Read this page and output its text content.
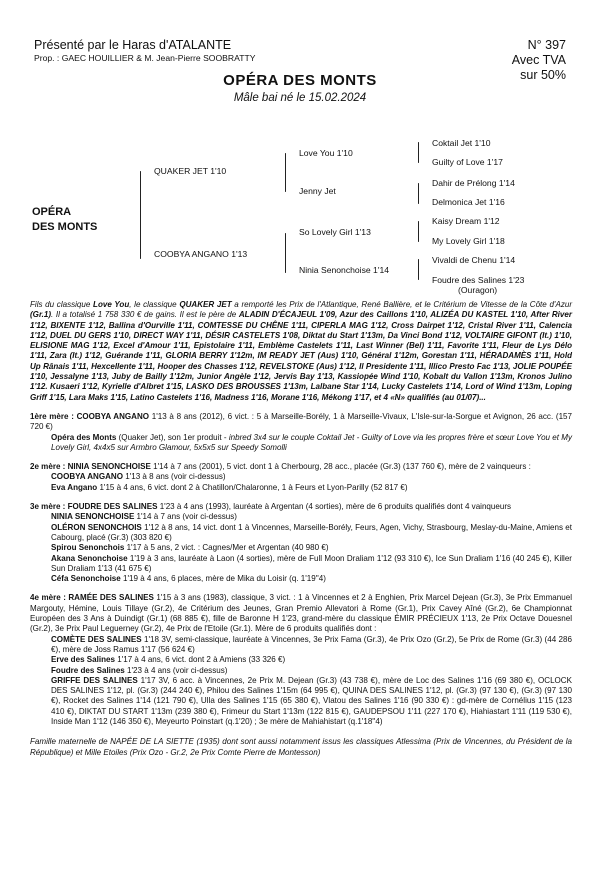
Présenté par le Haras d'ATALANTE
Prop. : GAEC HOUILLIER & M. Jean-Pierre SOOBRATTY
N° 397
Avec TVA
sur 50%
OPÉRA DES MONTS
Mâle bai né le 15.02.2024
OPÉRA
DES MONTS
QUAKER JET 1'10
COOBYA ANGANO 1'13
Love You 1'10
Jenny Jet
So Lovely Girl 1'13
Ninia Senonchoise 1'14
Coktail Jet 1'10
Guilty of Love 1'17
Dahir de Prélong 1'14
Delmonica Jet 1'16
Kaisy Dream 1'12
My Lovely Girl 1'18
Vivaldi de Chenu 1'14
Foudre des Salines 1'23
(Ouragon)
Fils du classique Love You, le classique QUAKER JET a remporté les Prix de l'Atlantique, René Ballière, et le Critérium de Vitesse de la Côte d'Azur (Gr.1). Il a totalisé 1 758 330 € de gains. Il est le père de ALADIN D'ÉCAJEUL 1'09, Azur des Caillons 1'10, ALIZÉA DU KASTEL 1'10, After River 1'12, BIXENTE 1'12, Ballina d'Ourville 1'11, COMTESSE DU CHÊNE 1'11, CIPERLA MAG 1'12, Cross Dairpet 1'12, Cristal River 1'11, Calencia 1'12, DUEL DU GERS 1'10, DIRECT WAY 1'11, DÉSIR CASTELETS 1'08, Diktat du Start 1'13m, Da Vinci Bond 1'12, VOLTAIRE GIFONT (It.) 1'10, ELISIONE MAG 1'12, Excel d'Amour 1'11, Epistolaire 1'11, Emblème Castelets 1'11, Last Winner (Bel) 1'11, Favorite 1'11, Fleur de Lys Délo 1'11, Zara (It.) 1'12, Guérande 1'11, GLORIA BERRY 1'12m, IM READY JET (Aus) 1'10, Général 1'12m, Gorestan 1'11, HÉRADAMÈS 1'11, Hold Up Rânais 1'11, Hexcellente 1'11, Hooper des Chasses 1'12, REVELSTOKE (Aus) 1'12, Il Presidente 1'11, Illico Presto Fac 1'13, JOLIE POUPÉE 1'10, Jessalyne 1'13, Juby de Bailly 1'12m, Junior Angèle 1'12, Jervis Bay 1'13, Kassiopée Wind 1'10, Kobalt du Vallon 1'13m, Kronos Julino 1'12. Kusaeri 1'12, Kyrielle d'Albret 1'15, LASKO DES BROUSSES 1'13m, Lalbane Star 1'14, Lucky Castelets 1'14, Lord of Wind 1'13m, Loping Griff 1'15, Lara Maks 1'15, Latino Castelets 1'16, Madness 1'16, Morane 1'16, Mékong 1'17, et 4 «N» qualifiés (au 01/07)...
1ère mère : COOBYA ANGANO 1'13 à 8 ans (2012), 6 vict. : 5 à Marseille-Borély, 1 à Marseille-Vivaux, L'Isle-sur-la-Sorgue et Avignon, 26 acc. (157 720 €)
Opéra des Monts (Quaker Jet), son 1er produit - inbred 3x4 sur le couple Coktail Jet - Guilty of Love via les propres frère et sœur Love You et My Lovely Girl, 4x4x5 sur Armbro Glamour, 5x5x5 sur Speedy Somolli
2e mère : NINIA SENONCHOISE 1'14 à 7 ans (2001), 5 vict. dont 1 à Cherbourg, 28 acc., placée (Gr.3) (137 760 €), mère de 2 vainqueurs :
COOBYA ANGANO 1'13 à 8 ans (voir ci-dessus)
Eva Angano 1'15 à 4 ans, 6 vict. dont 2 à Chatillon/Chalaronne, 1 à Feurs et Lyon-Parilly (52 817 €)
3e mère : FOUDRE DES SALINES 1'23 à 4 ans (1993), lauréate à Argentan (4 sorties), mère de 6 produits qualifiés dont 4 vainqueurs
NINIA SENONCHOISE 1'14 à 7 ans (voir ci-dessus)
OLÉRON SENONCHOIS 1'12 à 8 ans, 14 vict. dont 1 à Vincennes, Marseille-Borély, Feurs, Agen, Vichy, Strasbourg, Meslay-du-Maine, Amiens et Cabourg, placé (Gr.3) (303 820 €)
Spirou Senonchois 1'17 à 5 ans, 2 vict. : Cagnes/Mer et Argentan (40 980 €)
Akana Senonchoise 1'19 à 3 ans, lauréate à Laon (4 sorties), mère de Full Moon Draliam 1'12 (93 310 €), Ice Sun Draliam 1'16 (40 245 €), Killer Sun Draliam 1'13 (41 675 €)
Céfa Senonchoise 1'19 à 4 ans, 6 places, mère de Mika du Loisir (q. 1'19''4)
4e mère : RAMÉE DES SALINES 1'15 à 3 ans (1983), classique, 3 vict. : 1 à Vincennes et 2 à Enghien, Prix Marcel Dejean (Gr.3), 3e Prix Emmanuel Margouty, Hémine, Louis Tillaye (Gr.2), 4e Critérium des Jeunes, Gran Premio Allevatori à Rome (Gr.1), Prix Cavey Aîné (Gr.2), 6e Championnat Européen des 3 Ans à Duindigt (Gr.1) (68 885 €), fille de Baronne H 1'23, grand-mère du classique ÉMIR PRÉCIEUX 1'13, 2e Prix Octave Douesnel (Gr.2), 3e Prix Paul Leguerney (Gr.2), 4e Prix de l'Etoile (Gr.1). Mère de 6 produits qualifiés dont :
COMÈTE DES SALINES 1'18 3V, semi-classique, lauréate à Vincennes, 3e Prix Fama (Gr.3), 4e Prix Ozo (Gr.2), 5e Prix de Rome (Gr.3) (44 286 €), mère de Joss Ramus 1'17 (56 624 €)
Erve des Salines 1'17 à 4 ans, 6 vict. dont 2 à Amiens (33 326 €)
Foudre des Salines 1'23 à 4 ans (voir ci-dessus)
GRIFFE DES SALINES 1'17 3V, 6 acc. à Vincennes, 2e Prix M. Dejean (Gr.3) (43 738 €), mère de Loc des Salines 1'16 (69 380 €), OCLOCK DES SALINES 1'12, pl. (Gr.3) (244 240 €), Philou des Salines 1'15m (64 995 €), QUINA DES SALINES 1'12, pl. (Gr.3) (97 130 €), (Gr.3) (97 130 €), Rocket des Salines 1'14 (121 790 €), Ulla des Salines 1'15 (65 380 €), Vlatou des Salines 1'16 (90 330 €) : gd-mère de Cornélius 1'15 (123 410 €), DIKTAT DU START 1'13m (239 380 €), Frimeur du Start 1'13m (122 815 €), GAUDEPSOU 1'11 (227 170 €), Hiahiastart 1'11 (119 530 €), Inside Man 1'12 (146 350 €), Meyeurto Poinstart (q.1'20) ; 3e mère de Mahiahistart (q.1'18''4)
Famille maternelle de NAPÉE DE LA SIETTE (1935) dont sont aussi notamment issus les classiques Atlessima (Prix de Vincennes, du Président de la République) et Mille Etoiles (Prix Ozo - Gr.2, 2e Prix Comte Pierre de Montesson)
